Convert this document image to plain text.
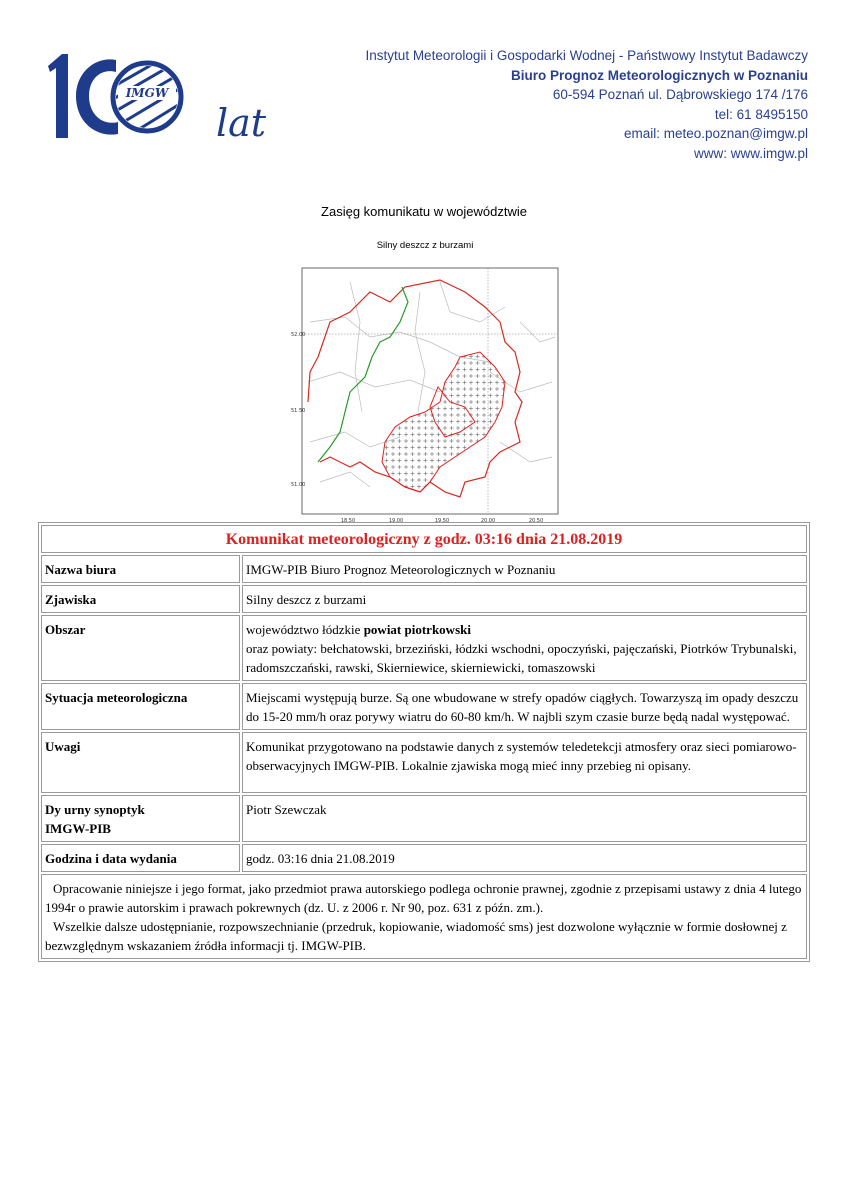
IMGW
lat
Instytut Meteorologii i Gospodarki Wodnej - Państwowy Instytut Badawczy
Biuro Prognoz Meteorologicznych w Poznaniu
60-594 Poznań ul. Dąbrowskiego 174 /176
tel: 61 8495150
email: meteo.poznan@imgw.pl
www: www.imgw.pl
Zasięg komunikatu w województwie
Silny deszcz z burzami
52.00
51.50
51.00
18.50	19.00	19.50	20.00	20.50
Komunikat meteorologiczny z godz. 03:16 dnia 21.08.2019	
Nazwa biura	IMGW-PIB Biuro Prognoz Meteorologicznych w Poznaniu
Zjawiska	Silny deszcz z burzami
Obszar	województwo łódzkie powiat piotrkowski
oraz powiaty: bełchatowski, brzeziński, łódzki wschodni, opoczyński, pajęczański, Piotrków Trybunalski, radomszczański, rawski, Skierniewice, skierniewicki, tomaszowski
Sytuacja meteorologiczna	Miejscami występują burze. Są one wbudowane w strefy opadów ciągłych. Towarzyszą im opady deszczu do 15-20 mm/h oraz porywy wiatru do 60-80 km/h. W najbli szym czasie burze będą nadal występować.
Uwagi	Komunikat przygotowano na podstawie danych z systemów teledetekcji atmosfery oraz sieci pomiarowo-obserwacyjnych IMGW-PIB. Lokalnie zjawiska mogą mieć inny przebieg ni opisany.
Dy urny synoptyk
IMGW-PIB	Piotr Szewczak
Godzina i data wydania	godz. 03:16 dnia 21.08.2019
Opracowanie niniejsze i jego format, jako przedmiot prawa autorskiego podlega ochronie prawnej, zgodnie z przepisami ustawy z dnia 4 lutego 1994r o prawie autorskim i prawach pokrewnych (dz. U. z 2006 r. Nr 90, poz. 631 z późn. zm.).
Wszelkie dalsze udostępnianie, rozpowszechnianie (przedruk, kopiowanie, wiadomość sms) jest dozwolone wyłącznie w formie dosłownej z bezwzględnym wskazaniem źródła informacji tj. IMGW-PIB.	
